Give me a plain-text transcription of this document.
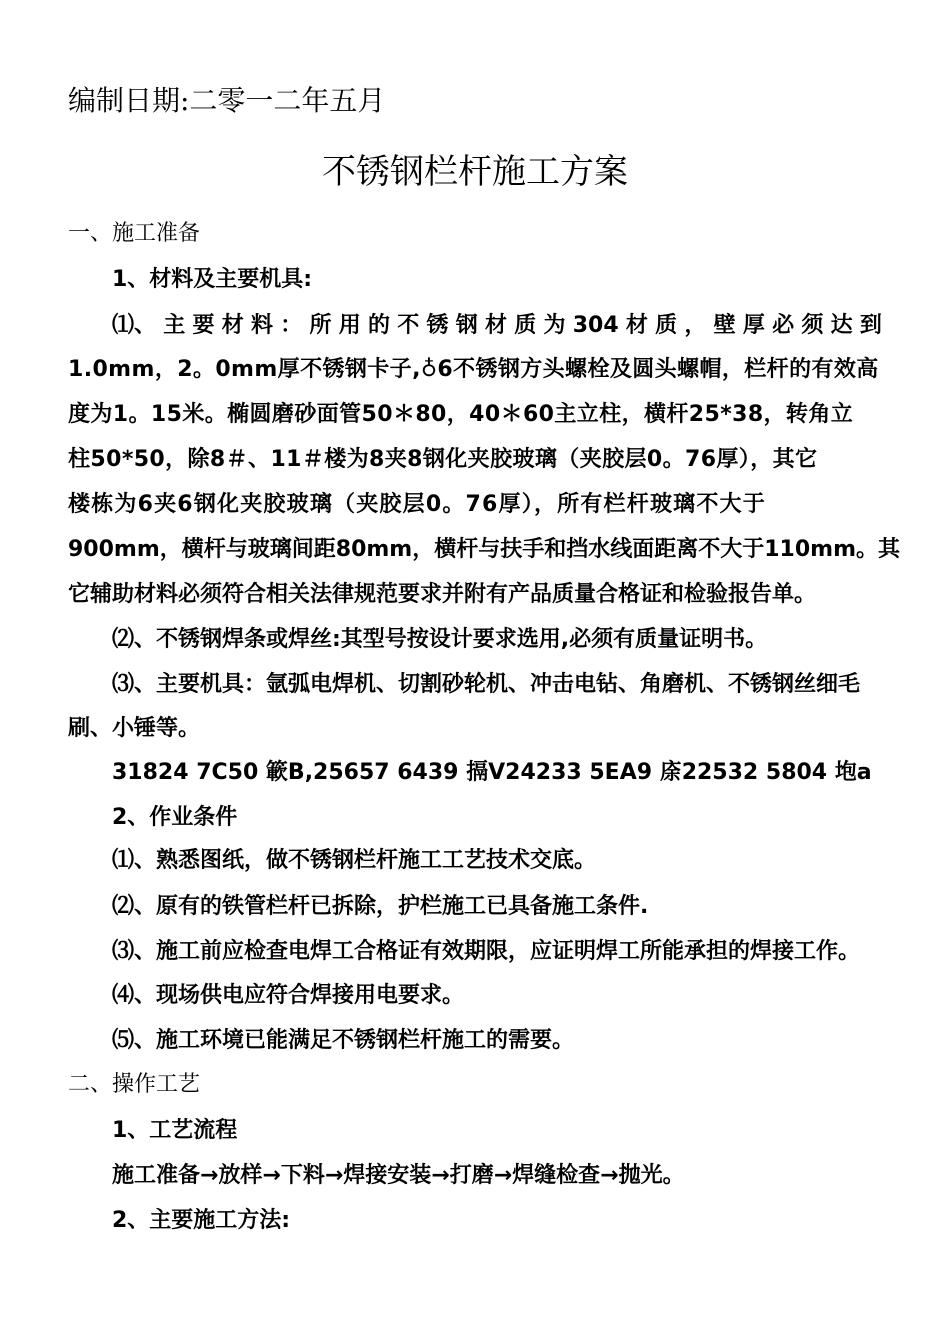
编制日期:二零一二年五月
不锈钢栏杆施工方案
一、施工准备
1、材料及主要机具:
⑴、 主 要 材 料 ： 所 用 的 不 锈 钢 材 质 为 304 材 质 ， 壁 厚 必 须 达 到
1.0mm，2。0mm厚不锈钢卡子,♁6不锈钢方头螺栓及圆头螺帽，栏杆的有效高
度为1。15米。椭圆磨砂面管50＊80，40＊60主立柱，横杆25*38，转角立
柱50*50，除8＃、11＃楼为8夹8钢化夹胶玻璃（夹胶层0。76厚），其它
楼栋为6夹6钢化夹胶玻璃（夹胶层0。76厚），所有栏杆玻璃不大于
900mm，横杆与玻璃间距80mm，横杆与扶手和挡水线面距离不大于110mm。其
它辅助材料必须符合相关法律规范要求并附有产品质量合格证和检验报告单。
⑵、不锈钢焊条或焊丝:其型号按设计要求选用,必须有质量证明书。
⑶、主要机具：氩弧电焊机、切割砂轮机、冲击电钻、角磨机、不锈钢丝细毛
刷、小锤等。
31824 7C50 簐B,25657 6439 搹V24233 5EA9 庩22532 5804 垉a
2、作业条件
⑴、熟悉图纸，做不锈钢栏杆施工工艺技术交底。
⑵、原有的铁管栏杆已拆除，护栏施工已具备施工条件.
⑶、施工前应检查电焊工合格证有效期限，应证明焊工所能承担的焊接工作。
⑷、现场供电应符合焊接用电要求。
⑸、施工环境已能满足不锈钢栏杆施工的需要。
二、操作工艺
1、工艺流程
施工准备→放样→下料→焊接安装→打磨→焊缝检查→抛光。
2、主要施工方法:
